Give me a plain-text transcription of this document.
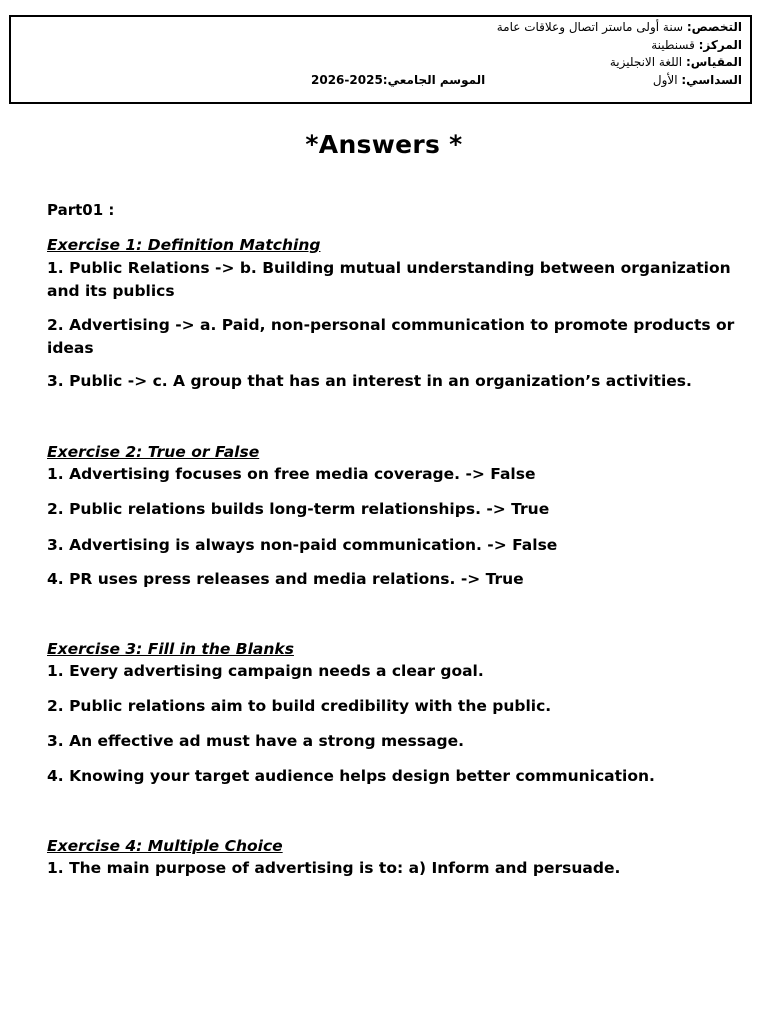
التخصص: سنة أولى ماستر اتصال وعلاقات عامة
المركز: قسنطينة
المقياس: اللغة الانجليزية
السداسي: الأول
الموسم الجامعي:2025-2026
*Answers *
Part01 :
Exercise 1: Definition Matching
1. Public Relations -> b. Building mutual understanding between organization and its publics
2. Advertising -> a. Paid, non-personal communication to promote products or ideas
3. Public -> c. A group that has an interest in an organization’s activities.
Exercise 2: True or False
1. Advertising focuses on free media coverage. -> False
2. Public relations builds long-term relationships. -> True
3. Advertising is always non-paid communication. -> False
4. PR uses press releases and media relations. -> True
Exercise 3: Fill in the Blanks
1. Every advertising campaign needs a clear goal.
2. Public relations aim to build credibility with the public.
3. An effective ad must have a strong message.
4. Knowing your target audience helps design better communication.
Exercise 4: Multiple Choice
1. The main purpose of advertising is to: a) Inform and persuade.
